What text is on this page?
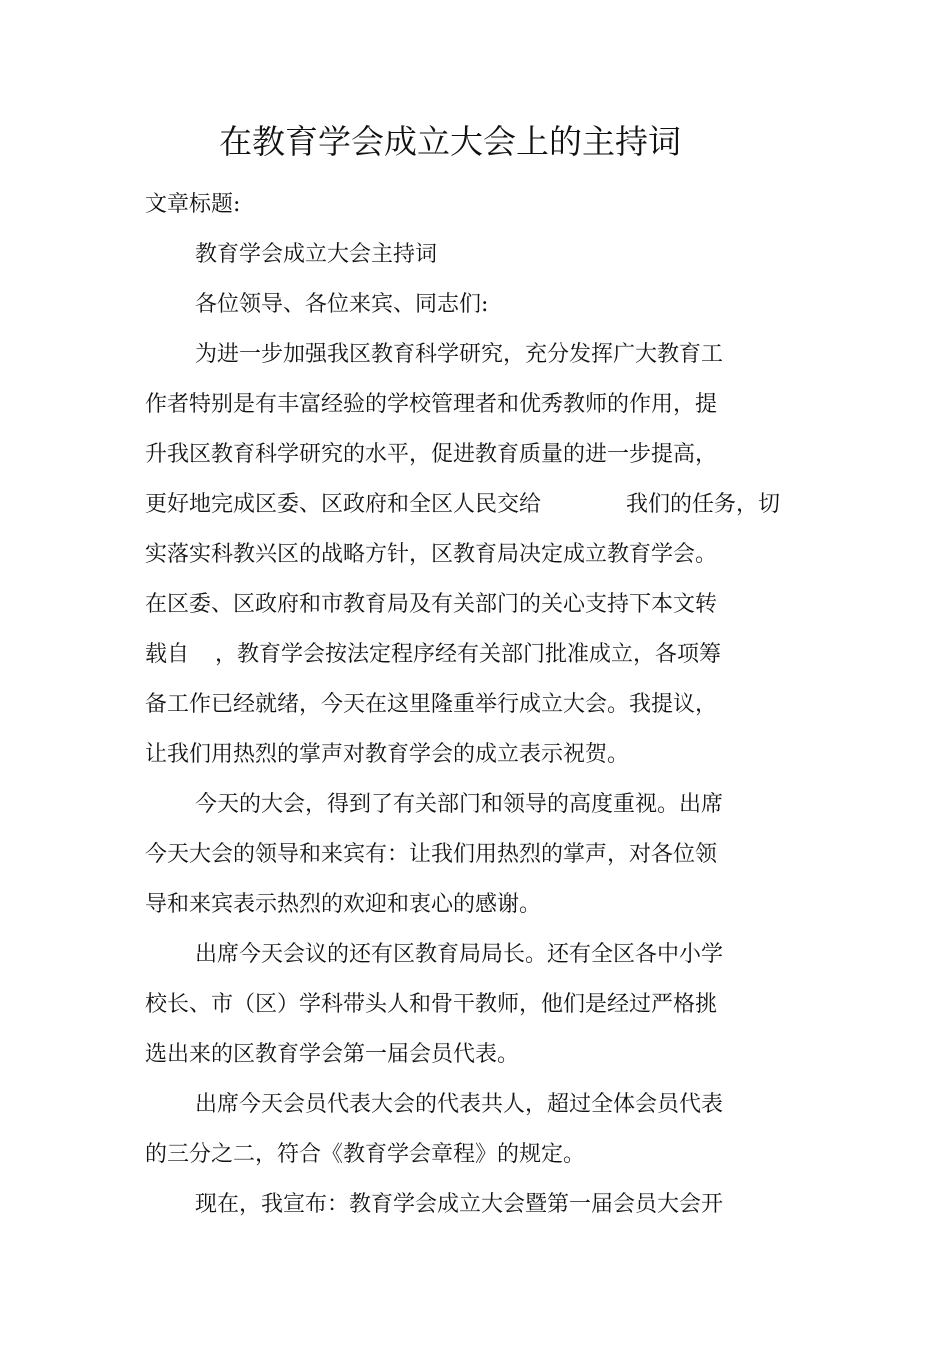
在教育学会成立大会上的主持词
文章标题:
教育学会成立大会主持词
各位领导、各位来宾、同志们:
为进一步加强我区教育科学研究，充分发挥广大教育工
作者特别是有丰富经验的学校管理者和优秀教师的作用，提
升我区教育科学研究的水平，促进教育质量的进一步提高，
更好地完成区委、区政府和全区人民交给	我们的任务，切
实落实科教兴区的战略方针，区教育局决定成立教育学会。
在区委、区政府和市教育局及有关部门的关心支持下本文转
载自 ，教育学会按法定程序经有关部门批准成立，各项筹
备工作已经就绪，今天在这里隆重举行成立大会。我提议，
让我们用热烈的掌声对教育学会的成立表示祝贺。
今天的大会，得到了有关部门和领导的高度重视。出席
今天大会的领导和来宾有：让我们用热烈的掌声，对各位领
导和来宾表示热烈的欢迎和衷心的感谢。
出席今天会议的还有区教育局局长。还有全区各中小学
校长、市（区）学科带头人和骨干教师，他们是经过严格挑
选出来的区教育学会第一届会员代表。
出席今天会员代表大会的代表共人，超过全体会员代表
的三分之二，符合《教育学会章程》的规定。
现在，我宣布：教育学会成立大会暨第一届会员大会开
